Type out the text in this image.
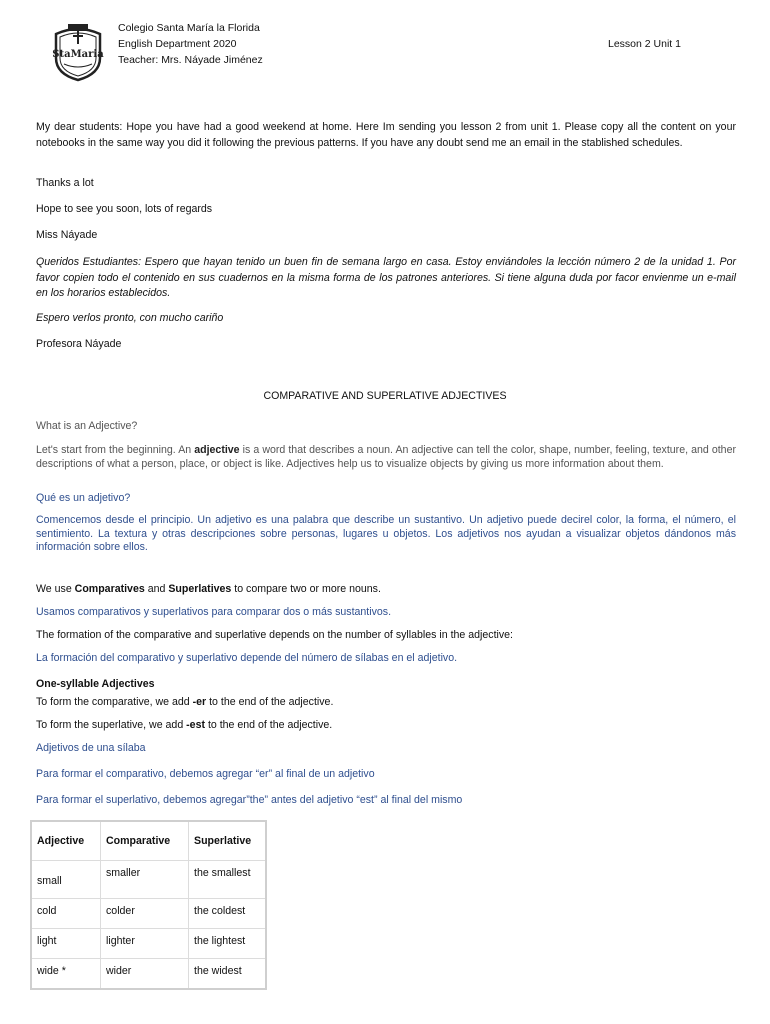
StaMaria
Colegio Santa María la Florida
English Department 2020
Teacher: Mrs. Náyade Jiménez
Lesson 2 Unit 1

My dear students: Hope you have had a good weekend at home. Here Im sending you lesson 2 from unit 1. Please copy all the content on your notebooks in the same way you did it following the previous patterns. If you have any doubt send me an email in the stablished schedules.

Thanks a lot
Hope to see you soon, lots of regards
Miss Náyade

Queridos Estudiantes: Espero que hayan tenido un buen fin de semana largo en casa. Estoy enviándoles la lección número 2 de la unidad 1. Por favor copien todo el contenido en sus cuadernos en la misma forma de los patrones anteriores. Si tiene alguna duda por facor envienme un e-mail en los horarios establecidos.

Espero verlos pronto, con mucho cariño
Profesora Náyade
COMPARATIVE AND SUPERLATIVE ADJECTIVES
What is an Adjective?

Let's start from the beginning. An adjective is a word that describes a noun. An adjective can tell the color, shape, number, feeling, texture, and other descriptions of what a person, place, or object is like. Adjectives help us to visualize objects by giving us more information about them.

Qué es un adjetivo?

Comencemos desde el principio. Un adjetivo es una palabra que describe un sustantivo. Un adjetivo puede decirel color, la forma, el número, el sentimiento. La textura y otras descripciones sobre personas, lugares u objetos. Los adjetivos nos ayudan a visualizar objetos dándonos más información sobre ellos.

We use Comparatives and Superlatives to compare two or more nouns.
Usamos comparativos y superlativos para comparar dos o más sustantivos.
The formation of the comparative and superlative depends on the number of syllables in the adjective:
La formación del comparativo y superlativo depende del número de sílabas en el adjetivo.
One-syllable Adjectives
To form the comparative, we add -er to the end of the adjective.
To form the superlative, we add -est to the end of the adjective.
Adjetivos de una sílaba
Para formar el comparativo, debemos agregar “er” al final de un adjetivo
Para formar el superlativo, debemos agregar”the” antes del adjetivo “est” al final del mismo
Adjective	Comparative	Superlative
small	smaller	the smallest
cold	colder	the coldest
light	lighter	the lightest
wide *	wider	the widest
